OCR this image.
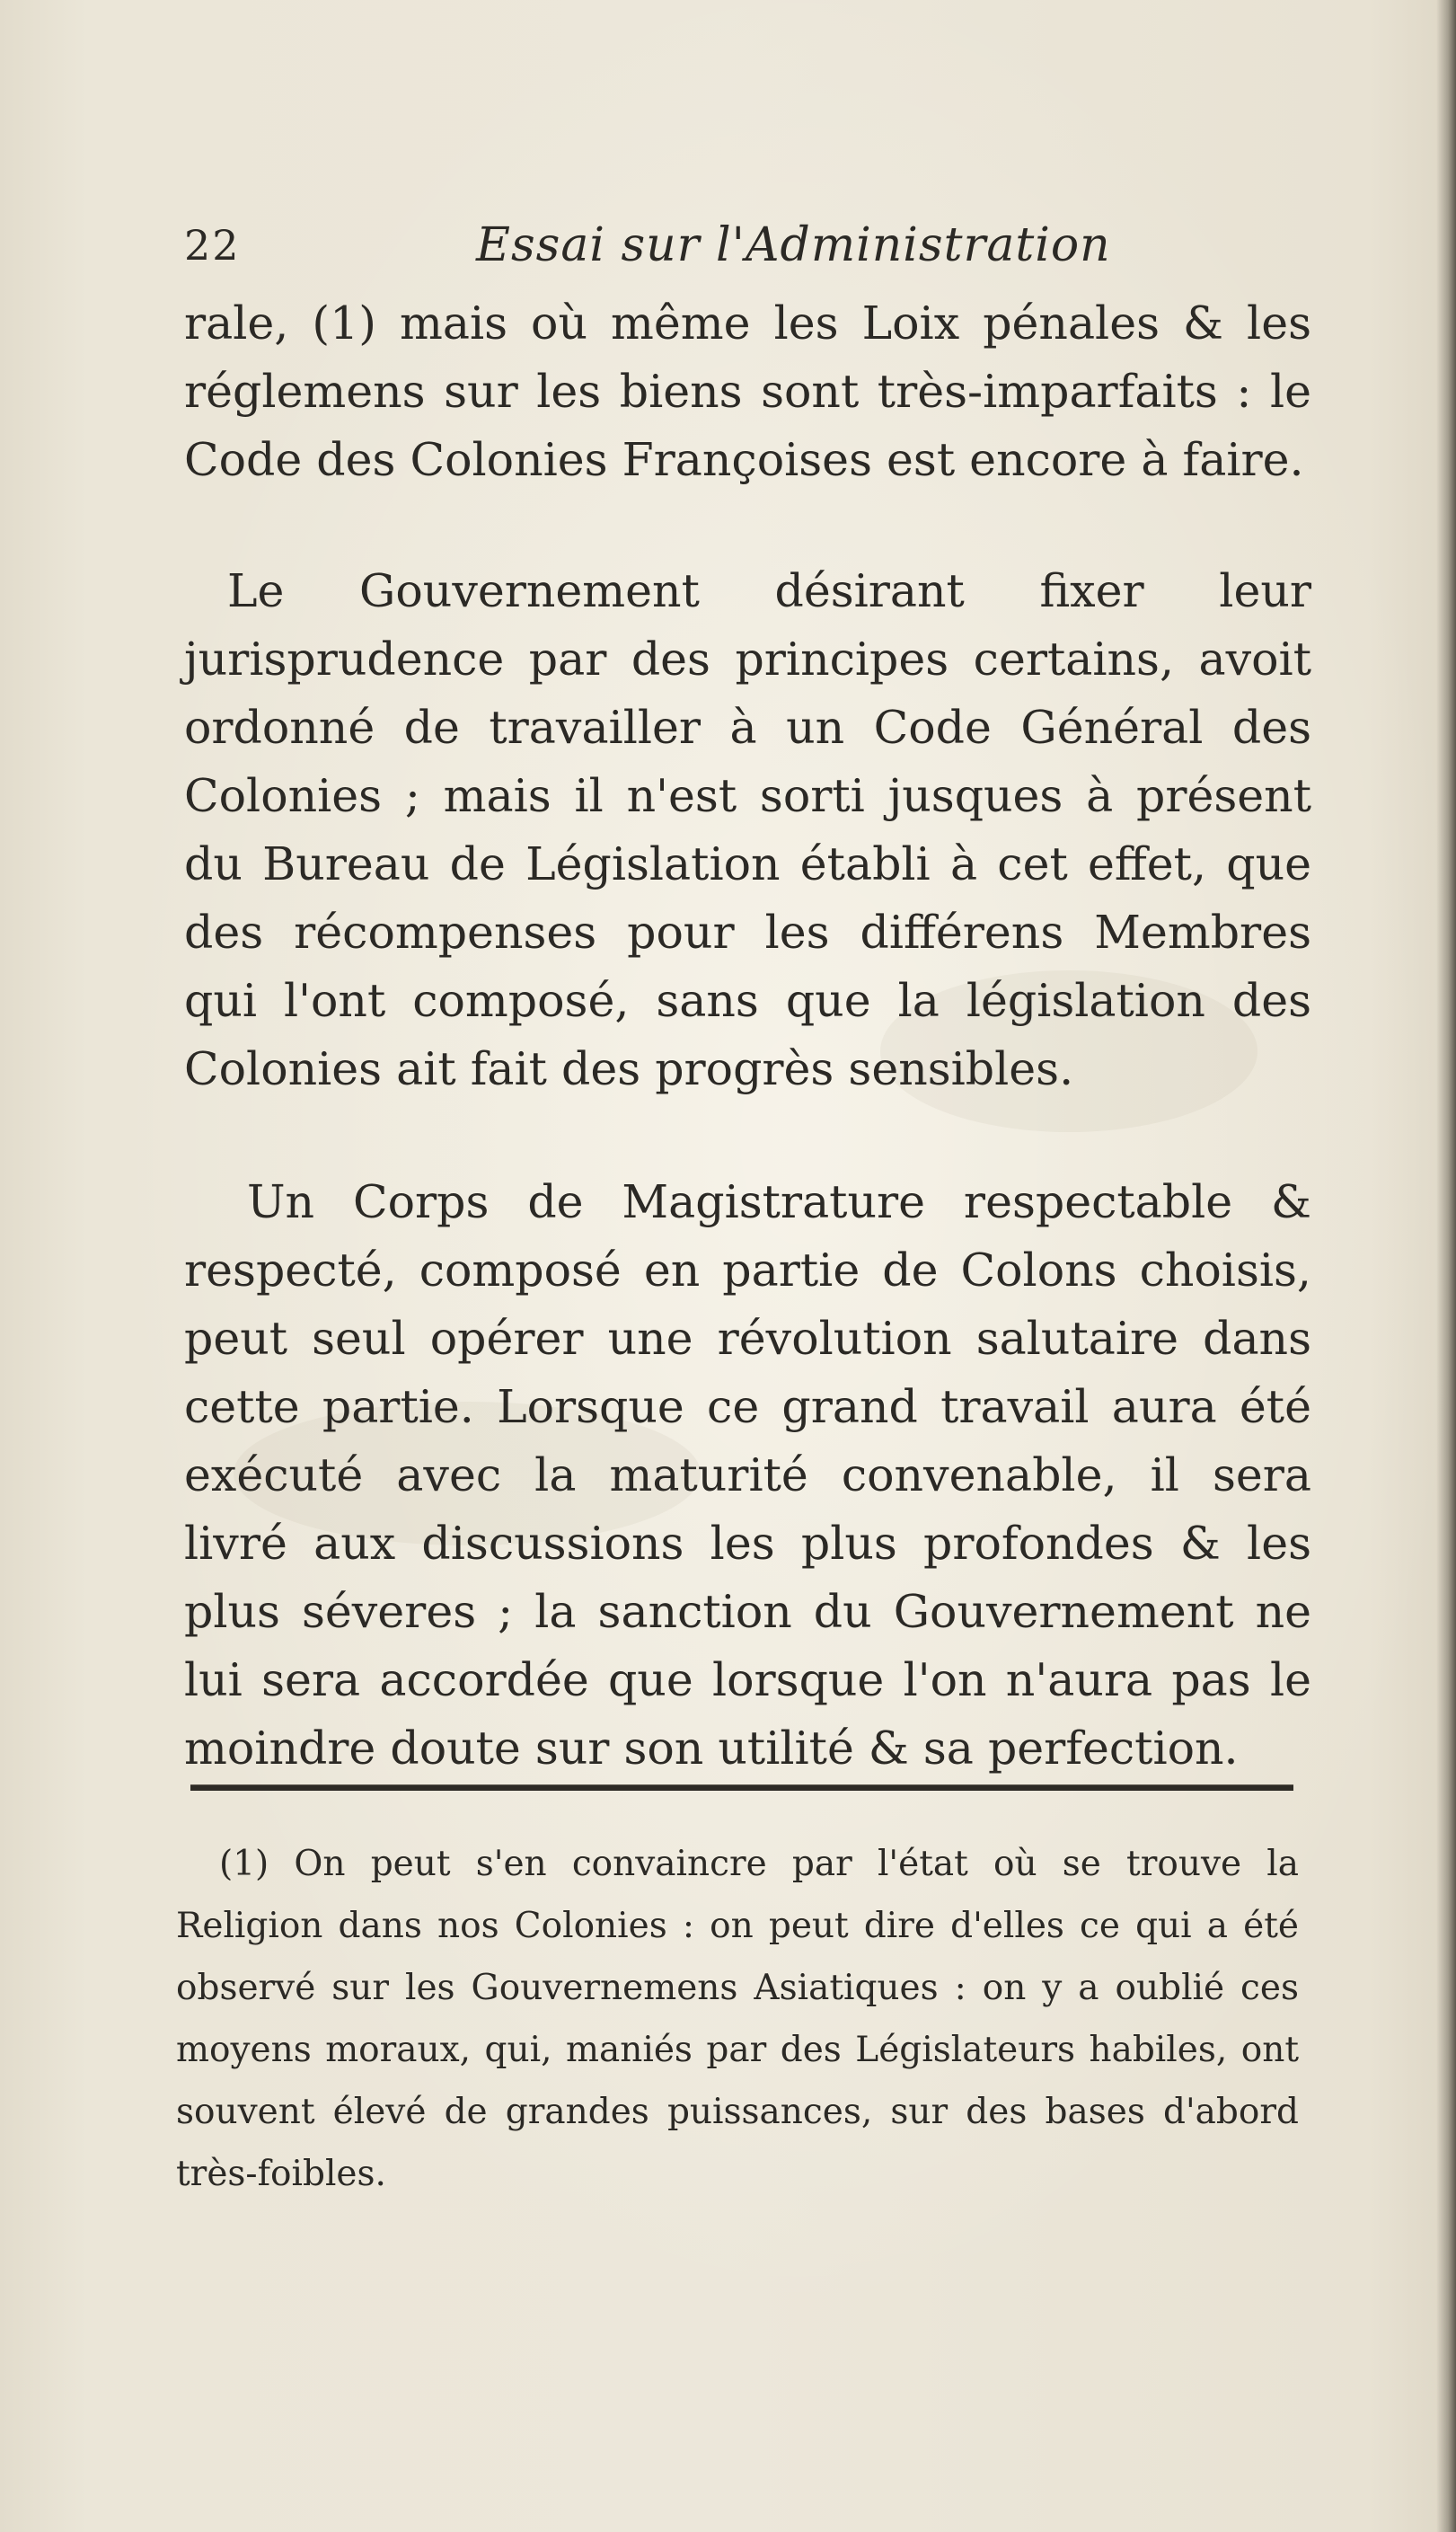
22	Essai sur l'Administration

rale, (1) mais où même les Loix pénales & les réglemens sur les biens sont très-imparfaits : le Code des Colonies Françoises est encore à faire.

Le Gouvernement désirant fixer leur jurisprudence par des principes certains, avoit ordonné de travailler à un Code Général des Colonies ; mais il n'est sorti jusques à présent du Bureau de Législation établi à cet effet, que des récompenses pour les différens Membres qui l'ont composé, sans que la législation des Colonies ait fait des progrès sensibles.

Un Corps de Magistrature respectable & respecté, composé en partie de Colons choisis, peut seul opérer une révolution salutaire dans cette partie. Lorsque ce grand travail aura été exécuté avec la maturité convenable, il sera livré aux discussions les plus profondes & les plus séveres ; la sanction du Gouvernement ne lui sera accordée que lorsque l'on n'aura pas le moindre doute sur son utilité & sa perfection.

(1) On peut s'en convaincre par l'état où se trouve la Religion dans nos Colonies : on peut dire d'elles ce qui a été observé sur les Gouvernemens Asiatiques : on y a oublié ces moyens moraux, qui, maniés par des Législateurs habiles, ont souvent élevé de grandes puissances, sur des bases d'abord très-foibles.
